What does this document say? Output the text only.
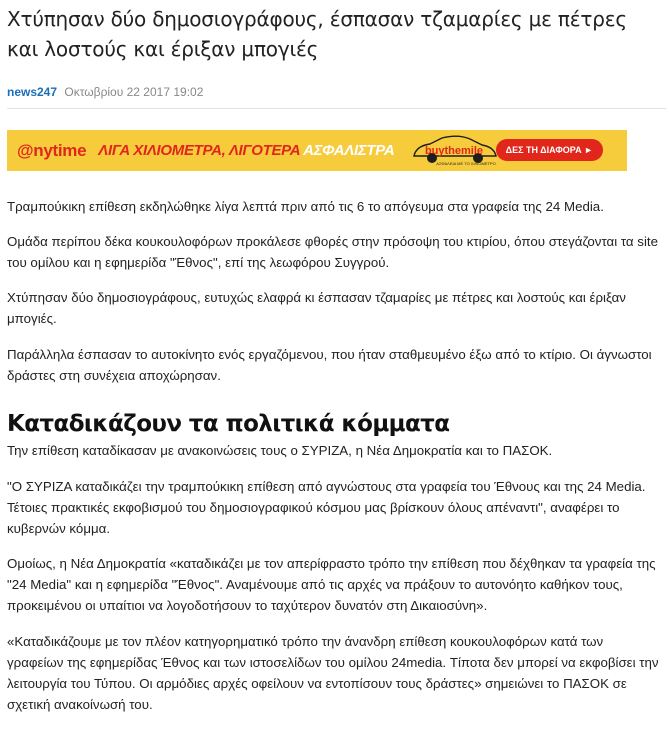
Χτύπησαν δύο δημοσιογράφους, έσπασαν τζαμαρίες με πέτρες και λοστούς και έριξαν μπογιές
news247 Οκτωβρίου 22 2017 19:02
@nytime ΛΙΓΑ ΧΙΛΙΟΜΕΤΡΑ, ΛΙΓΟΤΕΡΑ ΑΣΦΑΛΙΣΤΡΑ	buythemile
ΑΣΦΑΛΕΙΑ ΜΕ ΤΟ ΧΙΛΙΟΜΕΤΡΟ
ΔΕΣ ΤΗ ΔΙΑΦΟΡΑ ►

Τραμπούκικη επίθεση εκδηλώθηκε λίγα λεπτά πριν από τις 6 το απόγευμα στα γραφεία της 24 Media.

Ομάδα περίπου δέκα κουκουλοφόρων προκάλεσε φθορές στην πρόσοψη του κτιρίου, όπου στεγάζονται τα site του ομίλου και η εφημερίδα "Έθνος", επί της λεωφόρου Συγγρού.

Χτύπησαν δύο δημοσιογράφους, ευτυχώς ελαφρά κι έσπασαν τζαμαρίες με πέτρες και λοστούς και έριξαν μπογιές.

Παράλληλα έσπασαν το αυτοκίνητο ενός εργαζόμενου, που ήταν σταθμευμένο έξω από το κτίριο. Οι άγνωστοι δράστες στη συνέχεια αποχώρησαν.

Καταδικάζουν τα πολιτικά κόμματα

Την επίθεση καταδίκασαν με ανακοινώσεις τους ο ΣΥΡΙΖΑ, η Νέα Δημοκρατία και το ΠΑΣΟΚ.

"Ο ΣΥΡΙΖΑ καταδικάζει την τραμπούκικη επίθεση από αγνώστους στα γραφεία του Έθνους και της 24 Media. Τέτοιες πρακτικές εκφοβισμού του δημοσιογραφικού κόσμου μας βρίσκουν όλους απέναντι", αναφέρει το κυβερνών κόμμα.

Ομοίως, η Νέα Δημοκρατία «καταδικάζει με τον απερίφραστο τρόπο την επίθεση που δέχθηκαν τα γραφεία της "24 Media" και η εφημερίδα "Έθνος". Αναμένουμε από τις αρχές να πράξουν το αυτονόητο καθήκον τους, προκειμένου οι υπαίτιοι να λογοδοτήσουν το ταχύτερον δυνατόν στη Δικαιοσύνη».

«Καταδικάζουμε με τον πλέον κατηγορηματικό τρόπο την άνανδρη επίθεση κουκουλοφόρων κατά των γραφείων της εφημερίδας Έθνος και των ιστοσελίδων του ομίλου 24media. Τίποτα δεν μπορεί να εκφοβίσει την λειτουργία του Τύπου. Οι αρμόδιες αρχές οφείλουν να εντοπίσουν τους δράστες» σημειώνει το ΠΑΣΟΚ σε σχετική ανακοίνωσή του.
